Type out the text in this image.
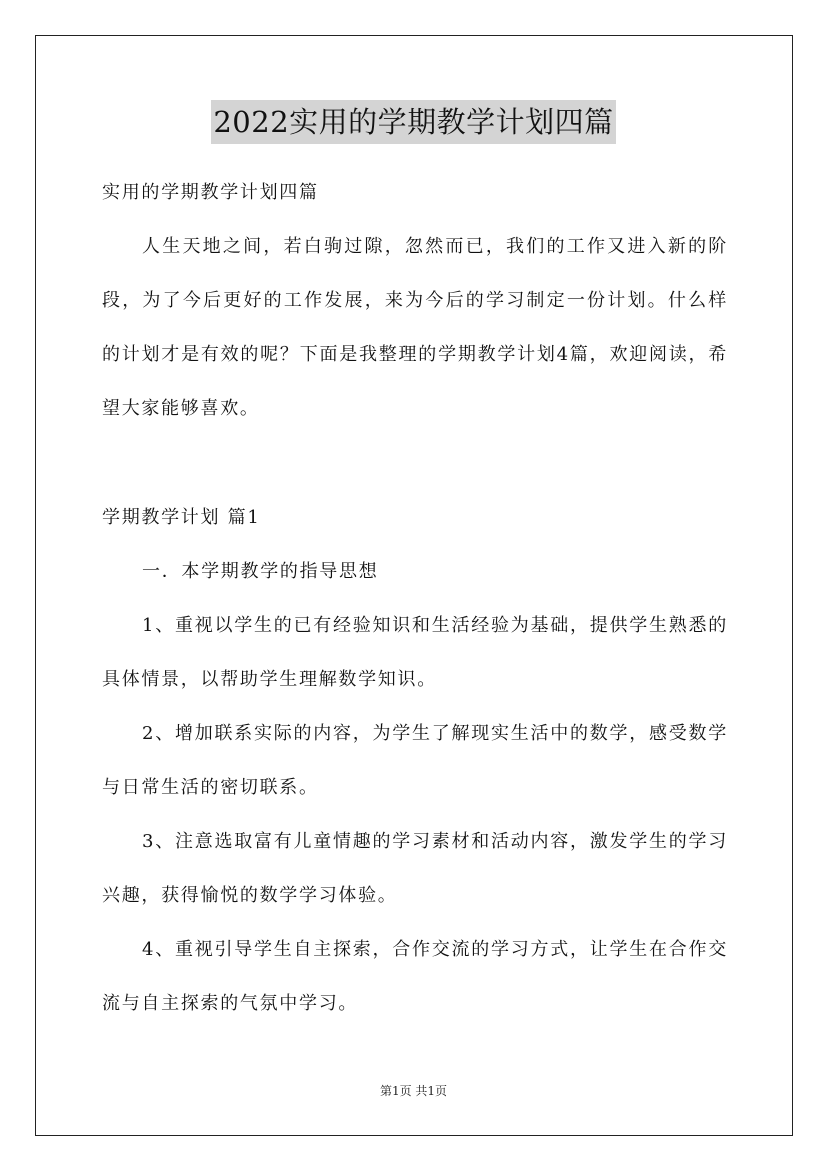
2022实用的学期教学计划四篇
实用的学期教学计划四篇
人生天地之间，若白驹过隙，忽然而已，我们的工作又进入新的阶段，为了今后更好的工作发展，来为今后的学习制定一份计划。什么样的计划才是有效的呢？下面是我整理的学期教学计划4篇，欢迎阅读，希望大家能够喜欢。
学期教学计划 篇1
一．本学期教学的指导思想
1、重视以学生的已有经验知识和生活经验为基础，提供学生熟悉的具体情景，以帮助学生理解数学知识。
2、增加联系实际的内容，为学生了解现实生活中的数学，感受数学与日常生活的密切联系。
3、注意选取富有儿童情趣的学习素材和活动内容，激发学生的学习兴趣，获得愉悦的数学学习体验。
4、重视引导学生自主探索，合作交流的学习方式，让学生在合作交流与自主探索的气氛中学习。
第1页 共1页
